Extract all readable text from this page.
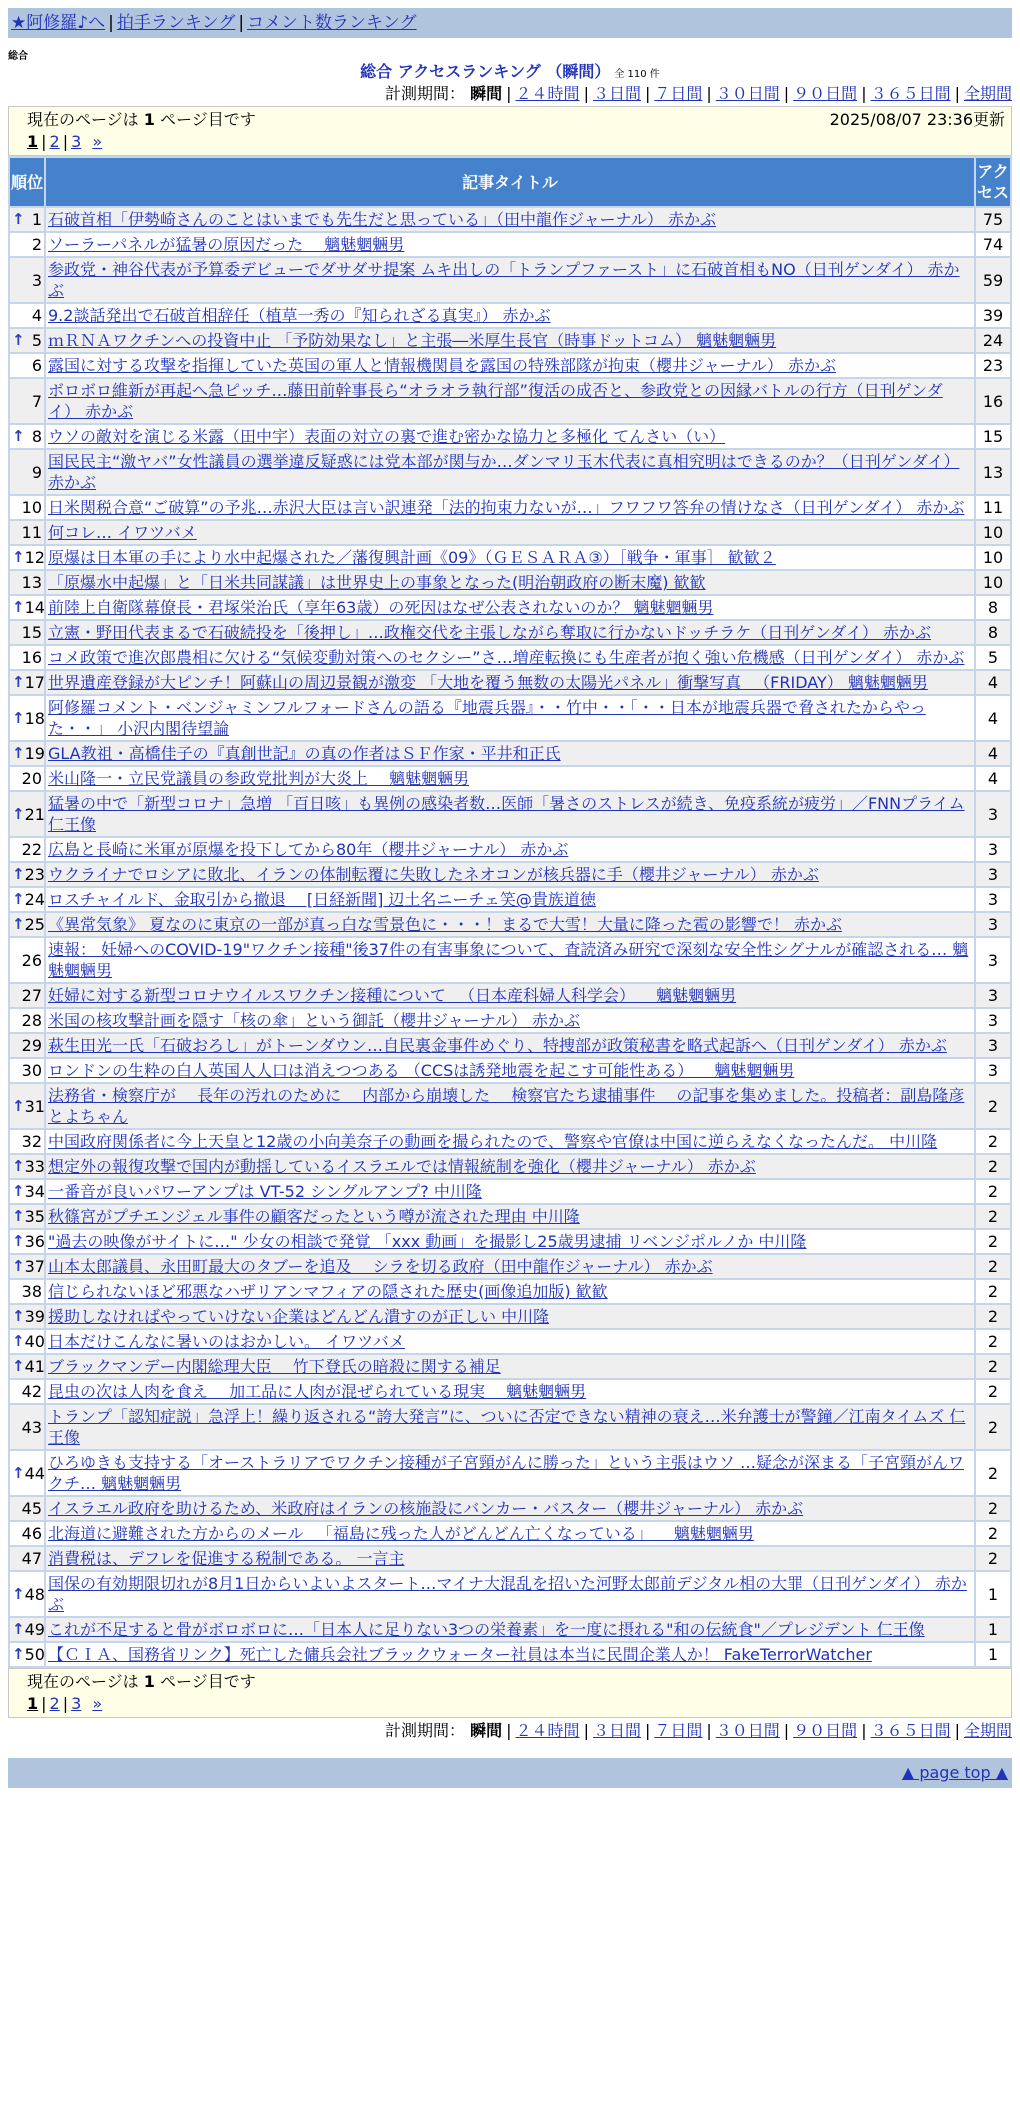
★阿修羅♪へ | 拍手ランキング | コメント数ランキング
総合
総合 アクセスランキング （瞬間） 全 110 件
計測期間： 瞬間 | ２４時間 | ３日間 | ７日間 | ３０日間 | ９０日間 | ３６５日間 | 全期間
現在のページは 1 ページ目です	2025/08/07 23:36更新
1 | 2 | 3 »
順位	記事タイトル	アクセス

↑ 1	石破首相「伊勢崎さんのことはいまでも先生だと思っている」（田中龍作ジャーナル） 赤かぶ	75
2	ソーラーパネルが猛暑の原因だった 　魑魅魍魎男	74
3	参政党・神谷代表が予算委デビューでダサダサ提案 ムキ出しの「トランプファースト」に石破首相もNO（日刊ゲンダイ） 赤かぶ	59
4	9.2談話発出で石破首相辞任（植草一秀の『知られざる真実』） 赤かぶ	39

↑ 5	ｍＲＮＡワクチンへの投資中止 「予防効果なし」と主張―米厚生長官（時事ドットコム） 魑魅魍魎男	24
6	露国に対する攻撃を指揮していた英国の軍人と情報機関員を露国の特殊部隊が拘束（櫻井ジャーナル） 赤かぶ	23
7	ボロボロ維新が再起へ急ピッチ…藤田前幹事長ら“オラオラ執行部”復活の成否と、参政党との因縁バトルの行方（日刊ゲンダイ） 赤かぶ	16

↑ 8	ウソの敵対を演じる米露（田中宇）表面の対立の裏で進む密かな協力と多極化 てんさい（い）	15
9	国民民主“激ヤバ”女性議員の選挙違反疑惑には党本部が関与か…ダンマリ玉木代表に真相究明はできるのか？（日刊ゲンダイ） 赤かぶ	13
10	日米関税合意“ご破算”の予兆…赤沢大臣は言い訳連発「法的拘束力ないが…」フワフワ答弁の情けなさ（日刊ゲンダイ） 赤かぶ	11
11	何コレ… イワツバメ	10

↑ 12	原爆は日本軍の手により水中起爆された／藩復興計画《09》（ＧＥＳＡＲＡ③）［戦争・軍事］ 歓歓２	10
13	「原爆水中起爆」と「日米共同謀議」は世界史上の事象となった(明治朝政府の断末魔) 歓歓	10

↑ 14	前陸上自衛隊幕僚長・君塚栄治氏（享年63歳）の死因はなぜ公表されないのか？ 魑魅魍魎男	8
15	立憲・野田代表まるで石破続投を「後押し」…政権交代を主張しながら奪取に行かないドッチラケ（日刊ゲンダイ） 赤かぶ	8
16	コメ政策で進次郎農相に欠ける“気候変動対策へのセクシー”さ…増産転換にも生産者が抱く強い危機感（日刊ゲンダイ） 赤かぶ	5

↑ 17	世界遺産登録が大ピンチ！阿蘇山の周辺景観が激変 「大地を覆う無数の太陽光パネル」衝撃写真 　（FRIDAY） 魑魅魍魎男	4

↑ 18	阿修羅コメント・ベンジャミンフルフォードさんの語る『地震兵器』・・竹中・・「・・日本が地震兵器で脅されたからやった・・」 小沢内閣待望論	4

↑ 19	GLA教祖・高橋佳子の『真創世記』の真の作者はＳＦ作家・平井和正氏	4
20	米山隆一・立民党議員の参政党批判が大炎上 　魑魅魍魎男	4

↑ 21	猛暑の中で「新型コロナ」急増 「百日咳」も異例の感染者数…医師「暑さのストレスが続き、免疫系統が疲労」／FNNプライム 仁王像	3
22	広島と長崎に米軍が原爆を投下してから80年（櫻井ジャーナル） 赤かぶ	3

↑ 23	ウクライナでロシアに敗北、イランの体制転覆に失敗したネオコンが核兵器に手（櫻井ジャーナル） 赤かぶ	3

↑ 24	ロスチャイルド、金取引から撤退 　[日経新聞] 辺土名ニーチェ笑@貴族道徳	3

↑ 25	《異常気象》 夏なのに東京の一部が真っ白な雪景色に・・・！まるで大雪！大量に降った雹の影響で！ 赤かぶ	3
26	速報： 妊婦へのCOVID-19"ワクチン接種"後37件の有害事象について、査読済み研究で深刻な安全性シグナルが確認される… 魑魅魍魎男	3
27	妊婦に対する新型コロナウイルスワクチン接種について 　（日本産科婦人科学会） 　魑魅魍魎男	3
28	米国の核攻撃計画を隠す「核の傘」という御託（櫻井ジャーナル） 赤かぶ	3
29	萩生田光一氏「石破おろし」がトーンダウン…自民裏金事件めぐり、特捜部が政策秘書を略式起訴へ（日刊ゲンダイ） 赤かぶ	3
30	ロンドンの生粋の白人英国人人口は消えつつある （CCSは誘発地震を起こす可能性ある） 　魑魅魍魎男	3

↑ 31	法務省・検察庁が 　長年の汚れのために 　内部から崩壊した 　検察官たち逮捕事件 　の記事を集めました。投稿者：副島隆彦とよちゃん	2
32	中国政府関係者に今上天皇と12歳の小向美奈子の動画を撮られたので、警察や官僚は中国に逆らえなくなったんだ。 中川隆	2

↑ 33	想定外の報復攻撃で国内が動揺しているイスラエルでは情報統制を強化（櫻井ジャーナル） 赤かぶ	2

↑ 34	一番音が良いパワーアンプは VT-52 シングルアンプ? 中川隆	2

↑ 35	秋篠宮がプチエンジェル事件の顧客だったという噂が流された理由 中川隆	2

↑ 36	"過去の映像がサイトに…" 少女の相談で発覚 「xxx 動画」を撮影し25歳男逮捕 リベンジポルノか 中川隆	2

↑ 37	山本太郎議員、永田町最大のタブーを追及 　シラを切る政府（田中龍作ジャーナル） 赤かぶ	2
38	信じられないほど邪悪なハザリアンマフィアの隠された歴史(画像追加版) 歓歓	2

↑ 39	援助しなければやっていけない企業はどんどん潰すのが正しい 中川隆	2

↑ 40	日本だけこんなに暑いのはおかしい。 イワツバメ	2

↑ 41	ブラックマンデー内閣総理大臣 　竹下登氏の暗殺に関する補足	2
42	昆虫の次は人肉を食え 　加工品に人肉が混ぜられている現実 　魑魅魍魎男	2
43	トランプ「認知症説」急浮上！繰り返される“誇大発言”に、ついに否定できない精神の衰え…米弁護士が警鐘／江南タイムズ 仁王像	2

↑ 44	ひろゆきも支持する「オーストラリアでワクチン接種が子宮頸がんに勝った」という主張はウソ …疑念が深まる「子宮頸がんワクチ… 魑魅魍魎男	2
45	イスラエル政府を助けるため、米政府はイランの核施設にバンカー・バスター（櫻井ジャーナル） 赤かぶ	2
46	北海道に避難された方からのメール 　「福島に残った人がどんどん亡くなっている」 　魑魅魍魎男	2
47	消費税は、デフレを促進する税制である。 一言主	2

↑ 48	国保の有効期限切れが8月1日からいよいよスタート…マイナ大混乱を招いた河野太郎前デジタル相の大罪（日刊ゲンダイ） 赤かぶ	1

↑ 49	これが不足すると骨がボロボロに…「日本人に足りない3つの栄養素」を一度に摂れる"和の伝統食"／プレジデント 仁王像	1

↑ 50	【ＣＩＡ、国務省リンク】死亡した傭兵会社ブラックウォーター社員は本当に民間企業人か！ FakeTerrorWatcher	1
現在のページは 1 ページ目です
1 | 2 | 3 »
計測期間： 瞬間 | ２４時間 | ３日間 | ７日間 | ３０日間 | ９０日間 | ３６５日間 | 全期間
▲ page top ▲
